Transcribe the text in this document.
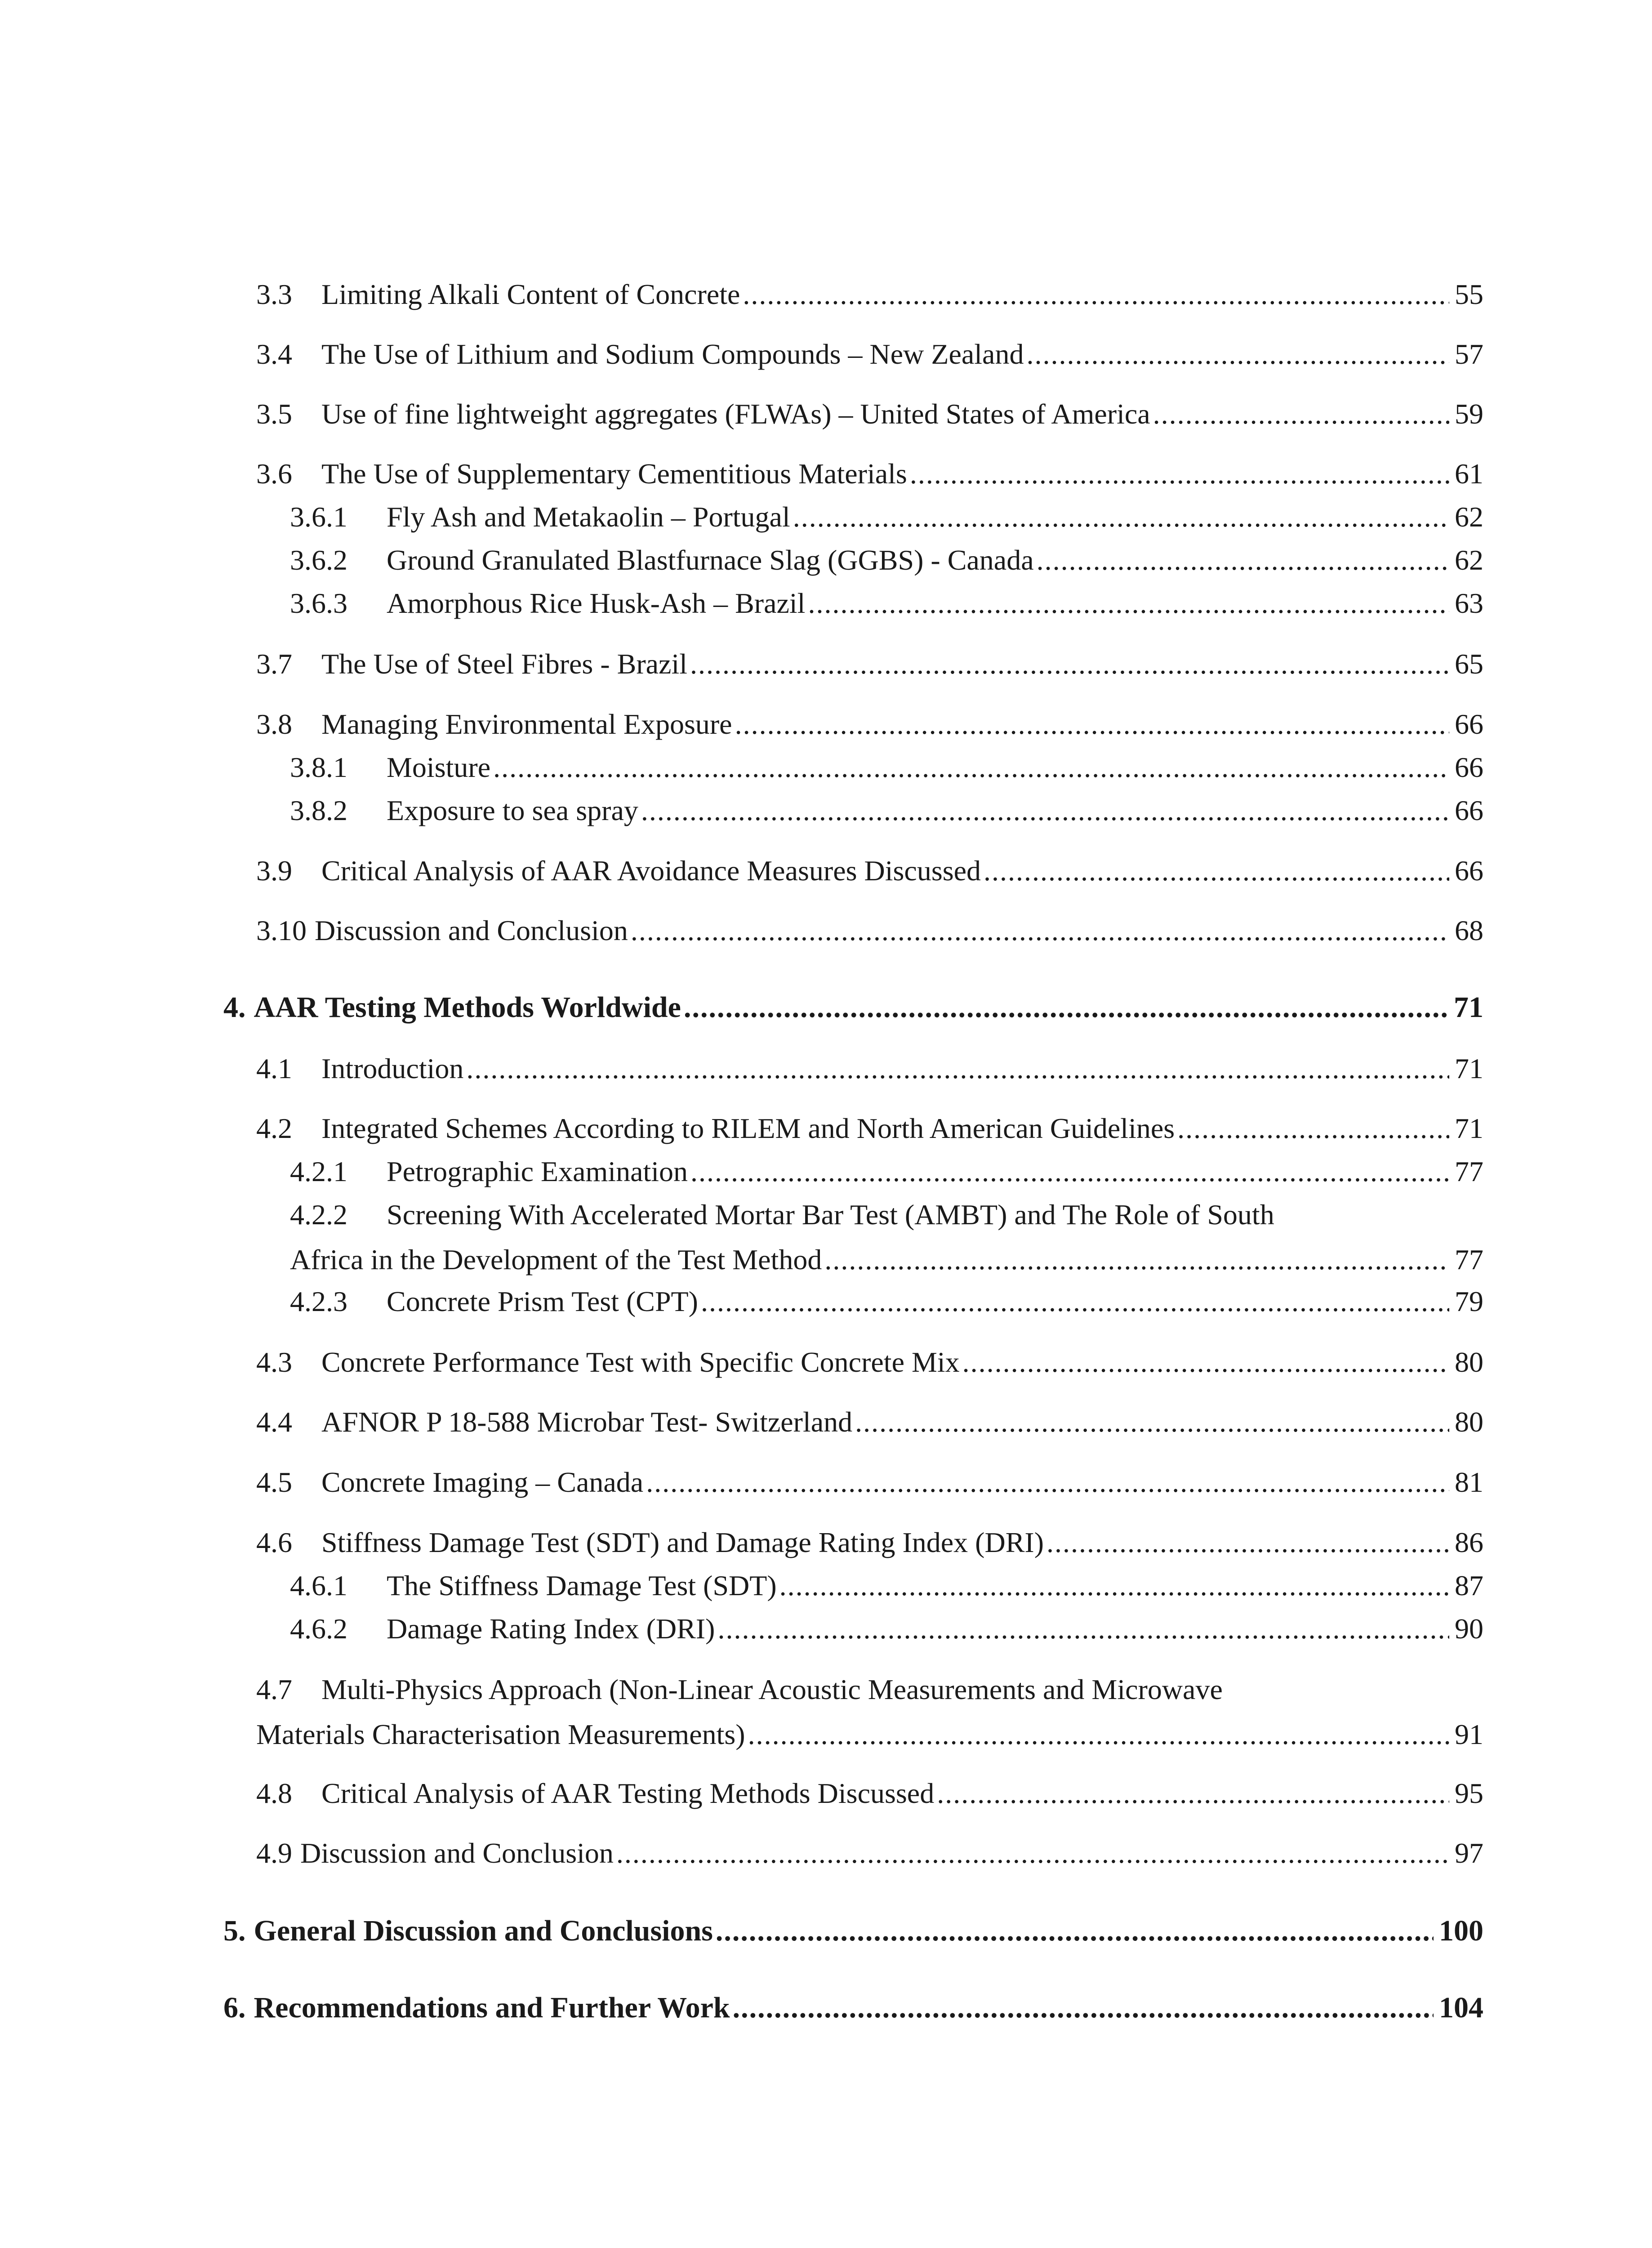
3.3	Limiting Alkali Content of Concrete .....	55
3.4	The Use of Lithium and Sodium Compounds – New Zealand .....	57
3.5	Use of fine lightweight aggregates (FLWAs) – United States of America .....	59
3.6	The Use of Supplementary Cementitious Materials .....	61
3.6.1	Fly Ash and Metakaolin – Portugal .....	62
3.6.2	Ground Granulated Blastfurnace Slag (GGBS) - Canada .....	62
3.6.3	Amorphous Rice Husk-Ash – Brazil .....	63
3.7	The Use of Steel Fibres - Brazil .....	65
3.8	Managing Environmental Exposure .....	66
3.8.1	Moisture .....	66
3.8.2	Exposure to sea spray .....	66
3.9	Critical Analysis of AAR Avoidance Measures Discussed .....	66
3.10 Discussion and Conclusion .....	68
4. AAR Testing Methods Worldwide .....	71
4.1	Introduction .....	71
4.2	Integrated Schemes According to RILEM and North American Guidelines .....	71
4.2.1	Petrographic Examination .....	77
4.2.2 Screening With Accelerated Mortar Bar Test (AMBT) and The Role of South
Africa in the Development of the Test Method .....	77
4.2.3	Concrete Prism Test (CPT) .....	79
4.3	Concrete Performance Test with Specific Concrete Mix .....	80
4.4	AFNOR P 18-588 Microbar Test- Switzerland .....	80
4.5	Concrete Imaging – Canada .....	81
4.6	Stiffness Damage Test (SDT) and Damage Rating Index (DRI) .....	86
4.6.1	The Stiffness Damage Test (SDT) .....	87
4.6.2	Damage Rating Index (DRI) .....	90
4.7 Multi-Physics Approach (Non-Linear Acoustic Measurements and Microwave
Materials Characterisation Measurements) .....	91
4.8	Critical Analysis of AAR Testing Methods Discussed .....	95
4.9 Discussion and Conclusion .....	97
5. General Discussion and Conclusions .....	100
6. Recommendations and Further Work .....	104
